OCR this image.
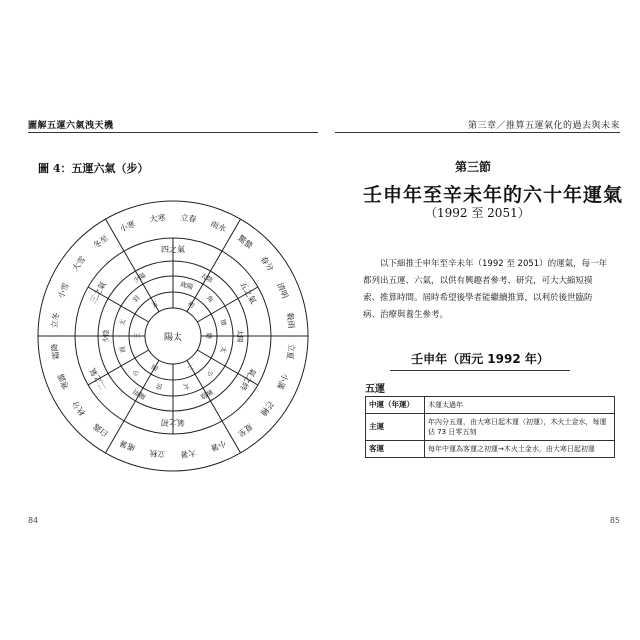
圖解五運六氣洩天機
圖 4：五運六氣（步）
立春
雨水
驚蟄
春分
清明
穀雨
立夏
小滿
芒種
夏至
小暑
大暑
立秋
處暑
白露
秋分
寒露
霜降
立冬
小雪
大雪
冬至
小寒
大寒
氣之初
二之氣
三之氣
四之氣
五之氣
氣之終
陽明
少陰
少陽	太陰
太陽
厥陰
歲陽
角
徵
太
少
太
宮
少
商
太
羽
初
終
二
四
三
五
陽太
84
第三章／推算五運氣化的過去與未來
第三節
壬申年至辛未年的六十年運氣
（1992 至 2051）

以下細推壬申年至辛未年（1992 至 2051）的運氣，每一年都列出五運、六氣，以供有興趣者參考、研究，可大大縮短摸索、推算時間。屆時希望後學者能繼續推算，以利於後世臨防病、治療與養生參考。

壬申年（西元 1992 年）
五運
中運（年運）	木運太過年
主運	年內分五運，由大寒日起木運（初運），木火土金水，每運佔 73 日零五刻
客運	每年中運為客運之初運→木火土金水，由大寒日起初運
85
